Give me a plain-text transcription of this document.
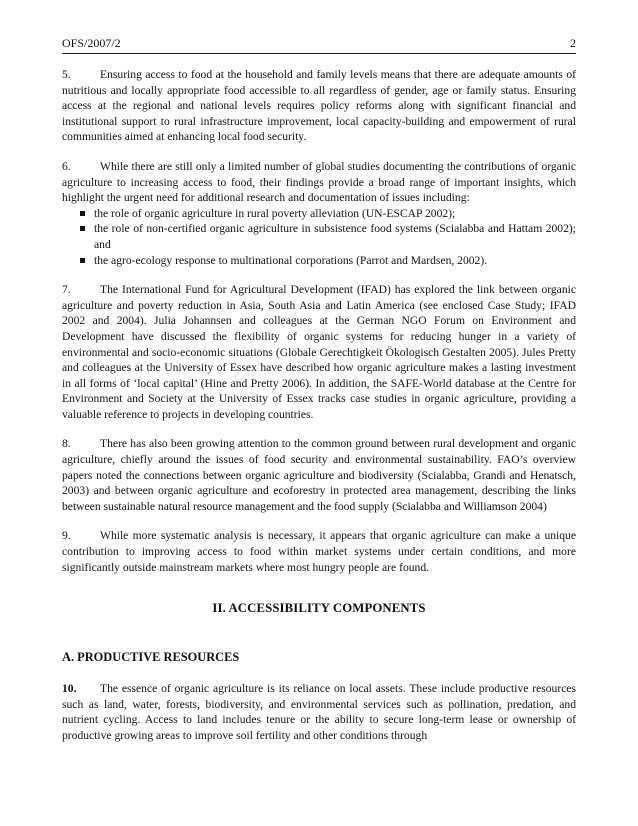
OFS/2007/2	2

5.	Ensuring access to food at the household and family levels means that there are adequate amounts of nutritious and locally appropriate food accessible to all regardless of gender, age or family status. Ensuring access at the regional and national levels requires policy reforms along with significant financial and institutional support to rural infrastructure improvement, local capacity-building and empowerment of rural communities aimed at enhancing local food security.

6.	While there are still only a limited number of global studies documenting the contributions of organic agriculture to increasing access to food, their findings provide a broad range of important insights, which highlight the urgent need for additional research and documentation of issues including:
the role of organic agriculture in rural poverty alleviation (UN-ESCAP 2002);
the role of non-certified organic agriculture in subsistence food systems (Scialabba and Hattam 2002); and
the agro-ecology response to multinational corporations (Parrot and Mardsen, 2002).

7.	The International Fund for Agricultural Development (IFAD) has explored the link between organic agriculture and poverty reduction in Asia, South Asia and Latin America (see enclosed Case Study; IFAD 2002 and 2004). Julia Johannsen and colleagues at the German NGO Forum on Environment and Development have discussed the flexibility of organic systems for reducing hunger in a variety of environmental and socio-economic situations (Globale Gerechtigkeit Ökologisch Gestalten 2005). Jules Pretty and colleagues at the University of Essex have described how organic agriculture makes a lasting investment in all forms of ‘local capital’ (Hine and Pretty 2006). In addition, the SAFE-World database at the Centre for Environment and Society at the University of Essex tracks case studies in organic agriculture, providing a valuable reference to projects in developing countries.

8.	There has also been growing attention to the common ground between rural development and organic agriculture, chiefly around the issues of food security and environmental sustainability. FAO’s overview papers noted the connections between organic agriculture and biodiversity (Scialabba, Grandi and Henatsch, 2003) and between organic agriculture and ecoforestry in protected area management, describing the links between sustainable natural resource management and the food supply (Scialabba and Williamson 2004)

9.	While more systematic analysis is necessary, it appears that organic agriculture can make a unique contribution to improving access to food within market systems under certain conditions, and more significantly outside mainstream markets where most hungry people are found.

II. ACCESSIBILITY COMPONENTS
A. PRODUCTIVE RESOURCES

10. The essence of organic agriculture is its reliance on local assets. These include productive resources such as land, water, forests, biodiversity, and environmental services such as pollination, predation, and nutrient cycling. Access to land includes tenure or the ability to secure long-term lease or ownership of productive growing areas to improve soil fertility and other conditions through
